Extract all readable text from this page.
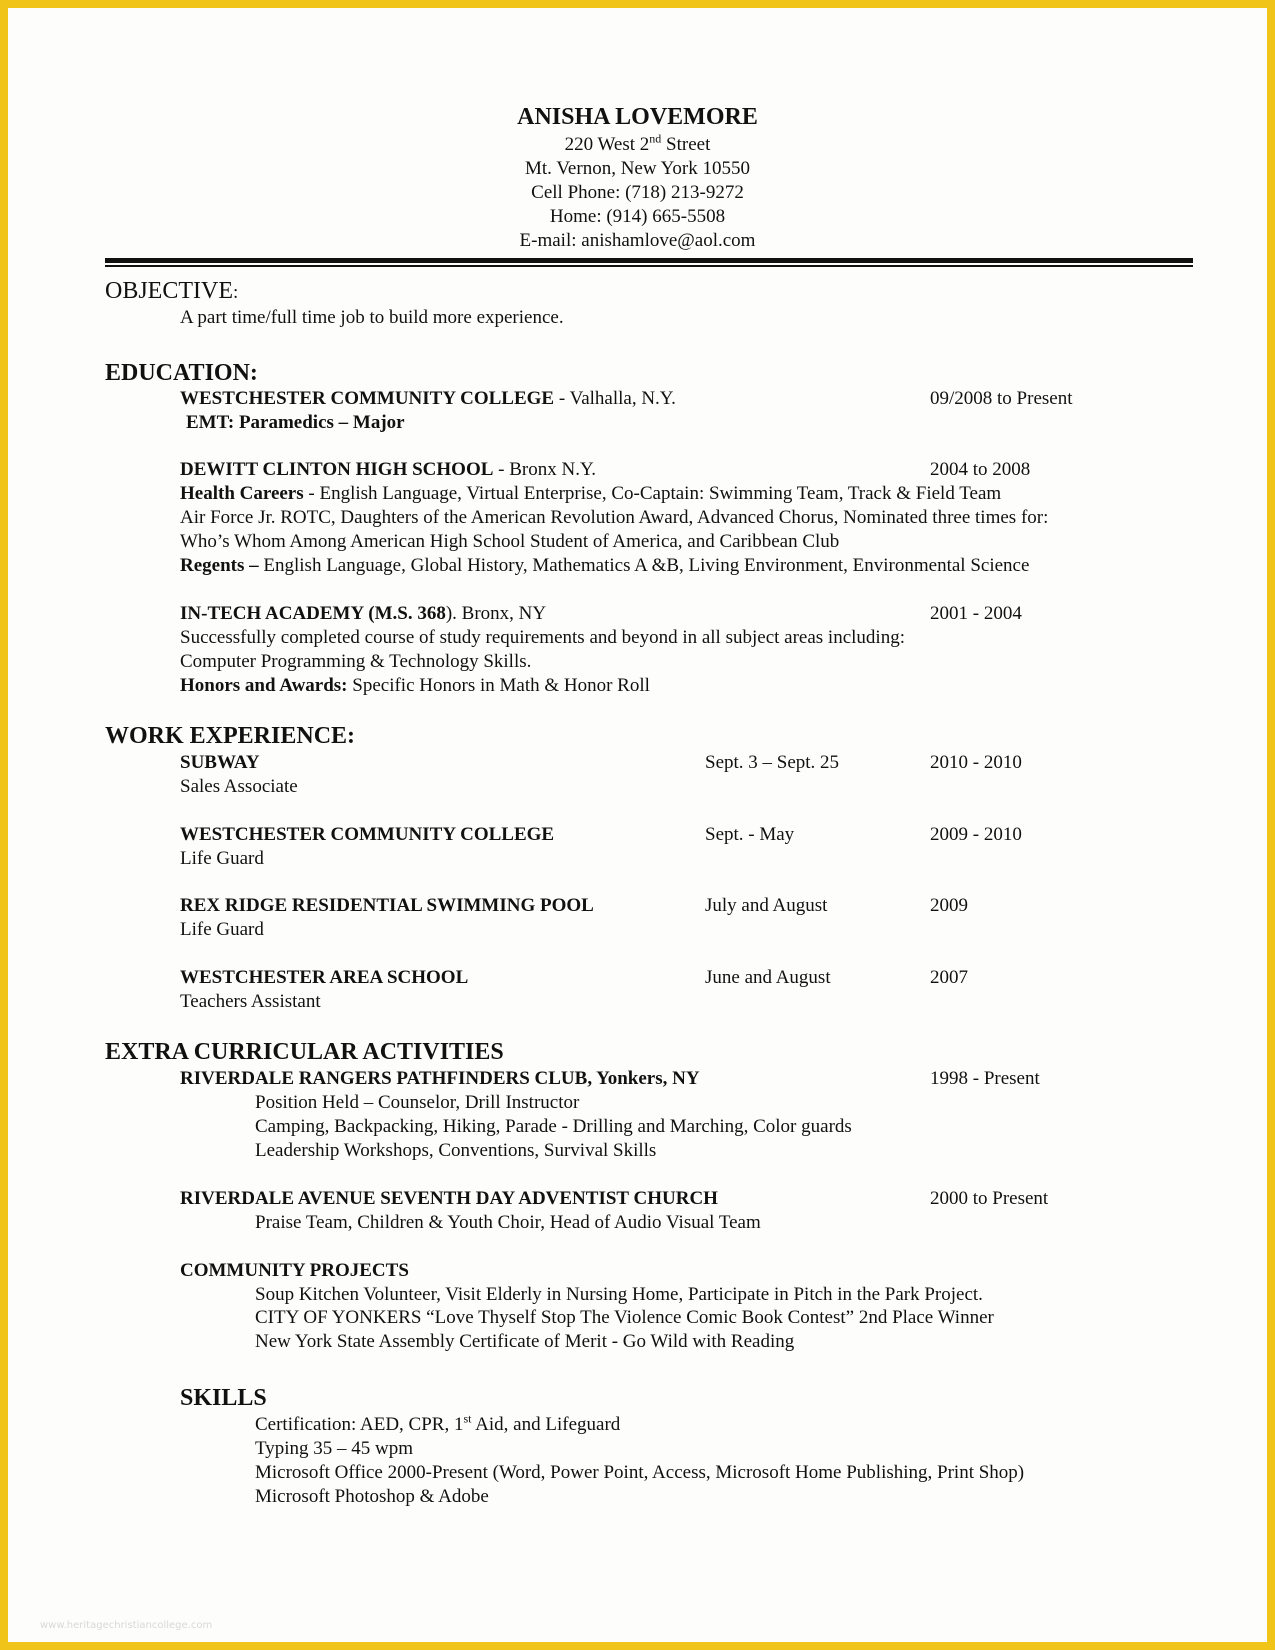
ANISHA LOVEMORE
220 West 2nd Street
Mt. Vernon, New York 10550
Cell Phone: (718) 213-9272
Home: (914) 665-5508
E-mail: anishamlove@aol.com
OBJECTIVE:
A part time/full time job to build more experience.
EDUCATION:
WESTCHESTER COMMUNITY COLLEGE - Valhalla, N.Y.	09/2008 to Present
EMT: Paramedics – Major
DEWITT CLINTON HIGH SCHOOL - Bronx N.Y.	2004 to 2008
Health Careers - English Language, Virtual Enterprise, Co-Captain: Swimming Team, Track & Field Team
Air Force Jr. ROTC, Daughters of the American Revolution Award, Advanced Chorus, Nominated three times for:
Who’s Whom Among American High School Student of America, and Caribbean Club
Regents – English Language, Global History, Mathematics A &B, Living Environment, Environmental Science
IN-TECH ACADEMY (M.S. 368). Bronx, NY	2001 - 2004
Successfully completed course of study requirements and beyond in all subject areas including:
Computer Programming & Technology Skills.
Honors and Awards: Specific Honors in Math & Honor Roll
WORK EXPERIENCE:
SUBWAY	Sept. 3 – Sept. 25	2010 - 2010
Sales Associate
WESTCHESTER COMMUNITY COLLEGE	Sept. - May	2009 - 2010
Life Guard
REX RIDGE RESIDENTIAL SWIMMING POOL	July and August	2009
Life Guard
WESTCHESTER AREA SCHOOL	June and August	2007
Teachers Assistant
EXTRA CURRICULAR ACTIVITIES
RIVERDALE RANGERS PATHFINDERS CLUB, Yonkers, NY	1998 - Present
Position Held – Counselor, Drill Instructor
Camping, Backpacking, Hiking, Parade - Drilling and Marching, Color guards
Leadership Workshops, Conventions, Survival Skills
RIVERDALE AVENUE SEVENTH DAY ADVENTIST CHURCH	2000 to Present
Praise Team, Children & Youth Choir, Head of Audio Visual Team
COMMUNITY PROJECTS
Soup Kitchen Volunteer, Visit Elderly in Nursing Home, Participate in Pitch in the Park Project.
CITY OF YONKERS “Love Thyself Stop The Violence Comic Book Contest” 2nd Place Winner
New York State Assembly Certificate of Merit - Go Wild with Reading
SKILLS
Certification: AED, CPR, 1st Aid, and Lifeguard
Typing 35 – 45 wpm
Microsoft Office 2000-Present (Word, Power Point, Access, Microsoft Home Publishing, Print Shop)
Microsoft Photoshop & Adobe
www.heritagechristiancollege.com
